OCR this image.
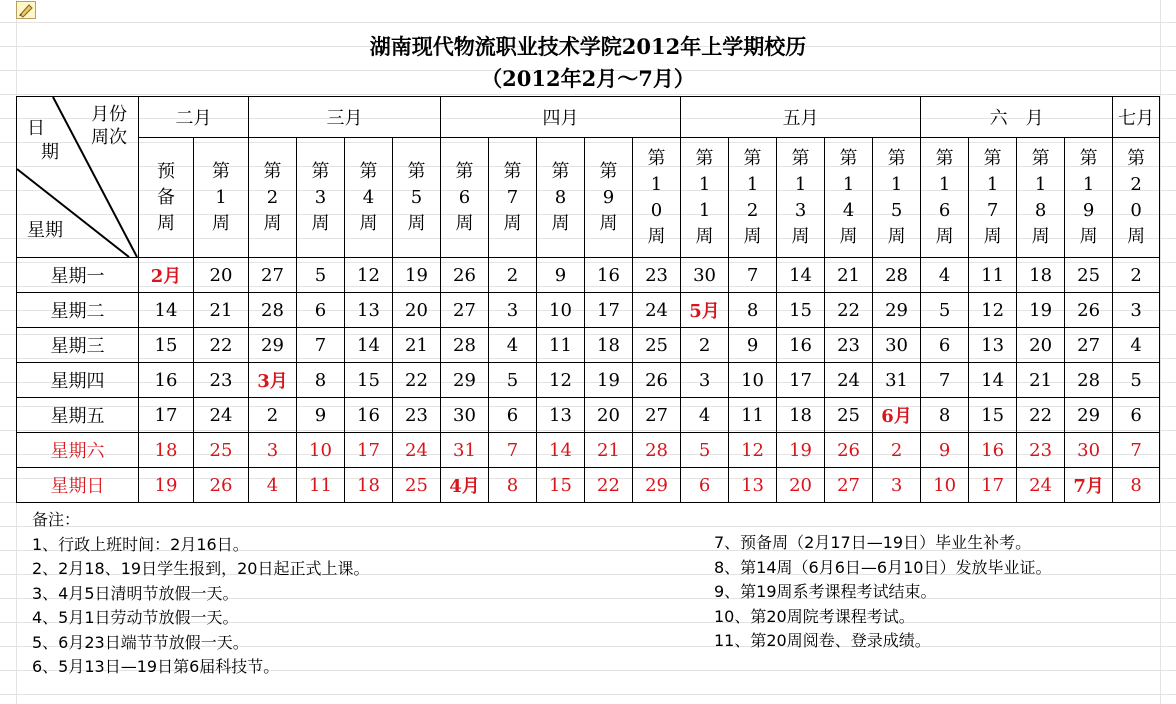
湖南现代物流职业技术学院2012年上学期校历
（2012年2月～7月）
月份
周次
日
期
星期	二月		三月				四月					五月					六　月				七月
	预备周	第1周	第2周	第3周	第4周	第5周	第6周	第7周	第8周	第9周	第10周	第11周	第12周	第13周	第14周	第15周	第16周	第17周	第18周	第19周	第20周
星期一	2月	20	27	5	12	19	26	2	9	16	23	30	7	14	21	28	4	11	18	25	2
星期二	14	21	28	6	13	20	27	3	10	17	24	5月	8	15	22	29	5	12	19	26	3
星期三	15	22	29	7	14	21	28	4	11	18	25	2	9	16	23	30	6	13	20	27	4
星期四	16	23	3月	8	15	22	29	5	12	19	26	3	10	17	24	31	7	14	21	28	5
星期五	17	24	2	9	16	23	30	6	13	20	27	4	11	18	25	6月	8	15	22	29	6
星期六	18	25	3	10	17	24	31	7	14	21	28	5	12	19	26	2	9	16	23	30	7
星期日	19	26	4	11	18	25	4月	8	15	22	29	6	13	20	27	3	10	17	24	7月	8
备注：
1、行政上班时间：2月16日。
2、2月18、19日学生报到，20日起正式上课。
3、4月5日清明节放假一天。
4、5月1日劳动节放假一天。
5、6月23日端节节放假一天。
6、5月13日—19日第6届科技节。
7、预备周（2月17日—19日）毕业生补考。
8、第14周（6月6日—6月10日）发放毕业证。
9、第19周系考课程考试结束。
10、第20周院考课程考试。
11、第20周阅卷、登录成绩。
